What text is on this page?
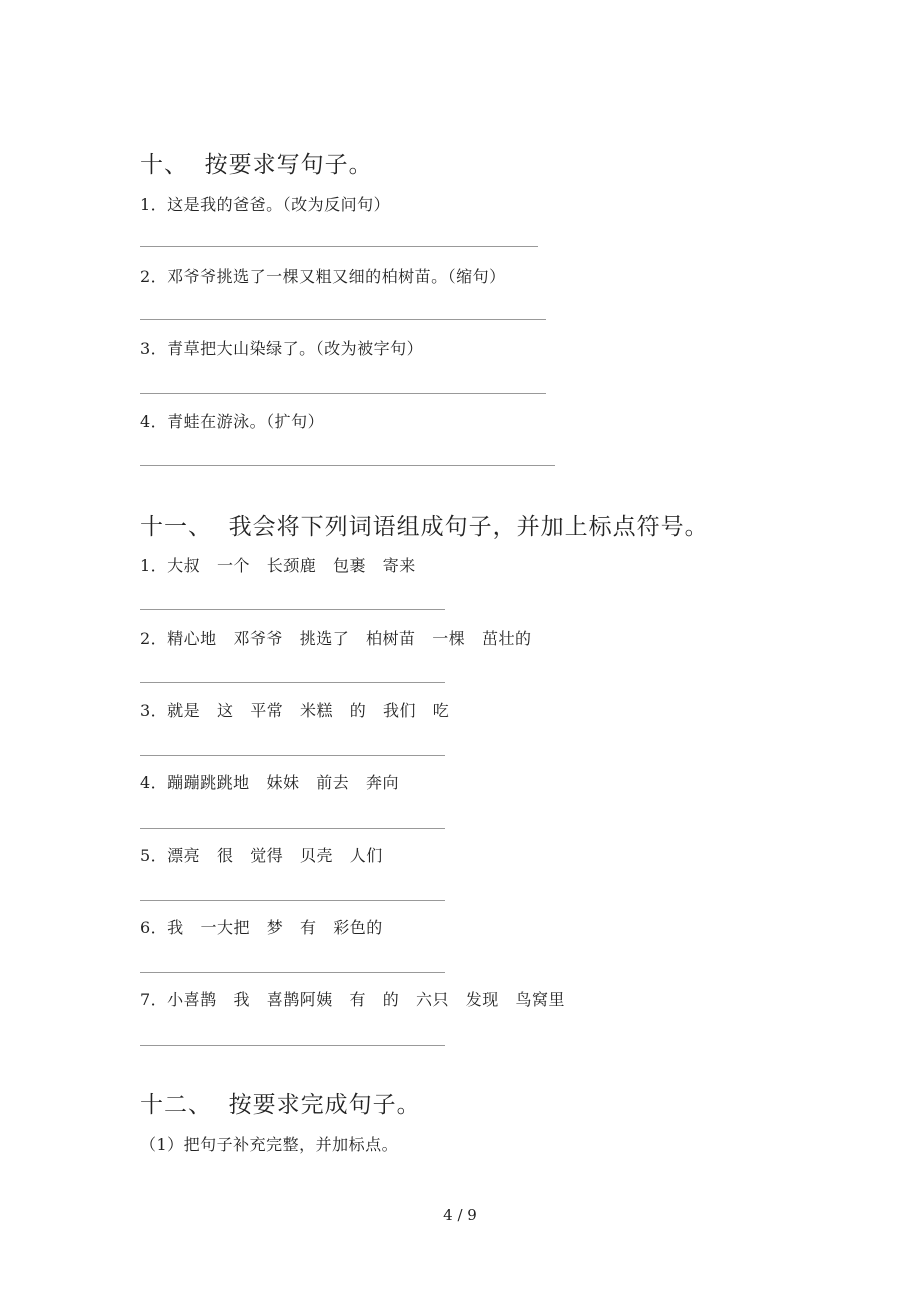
十、  按要求写句子。
1．这是我的爸爸。（改为反问句）
2．邓爷爷挑选了一棵又粗又细的柏树苗。（缩句）
3．青草把大山染绿了。（改为被字句）
4．青蛙在游泳。（扩句）
十一、  我会将下列词语组成句子，并加上标点符号。
1．大叔   一个   长颈鹿   包裹   寄来
2．精心地   邓爷爷   挑选了   柏树苗   一棵   茁壮的
3．就是   这   平常   米糕   的   我们   吃
4．蹦蹦跳跳地   妹妹   前去   奔向
5．漂亮   很   觉得   贝壳   人们
6．我   一大把   梦   有   彩色的
7．小喜鹊   我   喜鹊阿姨   有   的   六只   发现   鸟窝里
十二、  按要求完成句子。
（1）把句子补充完整，并加标点。
4 / 9
